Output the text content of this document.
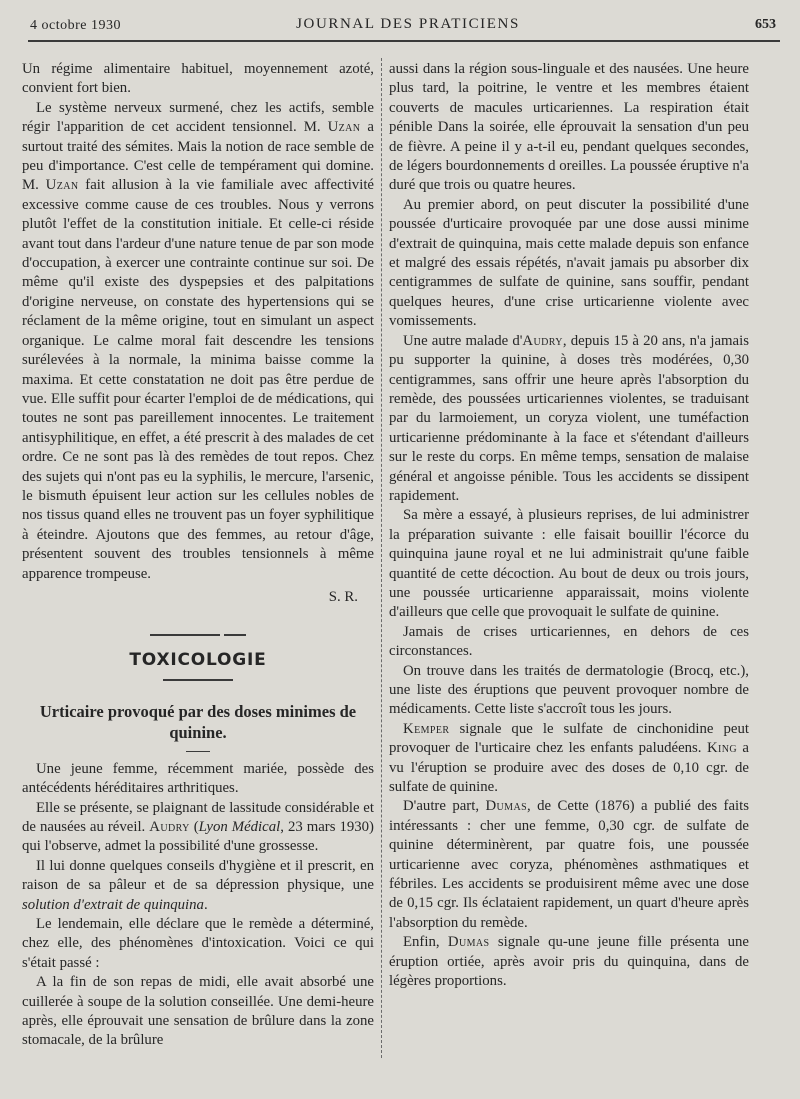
4 octobre 1930	JOURNAL DES PRATICIENS	653

Un régime alimentaire habituel, moyennement azoté, convient fort bien.

Le système nerveux surmené, chez les actifs, semble régir l'apparition de cet accident tensionnel. M. Uzan a surtout traité des sémites. Mais la notion de race semble de peu d'importance. C'est celle de tempérament qui domine. M. Uzan fait allusion à la vie familiale avec affectivité excessive comme cause de ces troubles. Nous y verrons plutôt l'effet de la constitution initiale. Et celle-ci réside avant tout dans l'ardeur d'une nature tenue de par son mode d'occupation, à exercer une contrainte continue sur soi. De même qu'il existe des dyspepsies et des palpitations d'origine nerveuse, on constate des hypertensions qui se réclament de la même origine, tout en simulant un aspect organique. Le calme moral fait descendre les tensions surélevées à la normale, la minima baisse comme la maxima. Et cette constatation ne doit pas être perdue de vue. Elle suffit pour écarter l'emploi de de médications, qui toutes ne sont pas pareillement innocentes. Le traitement antisyphilitique, en effet, a été prescrit à des malades de cet ordre. Ce ne sont pas là des remèdes de tout repos. Chez des sujets qui n'ont pas eu la syphilis, le mercure, l'arsenic, le bismuth épuisent leur action sur les cellules nobles de nos tissus quand elles ne trouvent pas un foyer syphilitique à éteindre. Ajoutons que des femmes, au retour d'âge, présentent souvent des troubles tensionnels à même apparence trompeuse.

S. R.
TOXICOLOGIE
Urticaire provoqué par des doses minimes de quinine.

Une jeune femme, récemment mariée, possède des antécédents héréditaires arthritiques.

Elle se présente, se plaignant de lassitude considérable et de nausées au réveil. Audry (Lyon Médical, 23 mars 1930) qui l'observe, admet la possibilité d'une grossesse.

Il lui donne quelques conseils d'hygiène et il prescrit, en raison de sa pâleur et de sa dépression physique, une solution d'extrait de quinquina.

Le lendemain, elle déclare que le remède a déterminé, chez elle, des phénomènes d'intoxication. Voici ce qui s'était passé :

A la fin de son repas de midi, elle avait absorbé une cuillerée à soupe de la solution conseillée. Une demi-heure après, elle éprouvait une sensation de brûlure dans la zone stomacale, de la brûlure

aussi dans la région sous-linguale et des nausées. Une heure plus tard, la poitrine, le ventre et les membres étaient couverts de macules urticariennes. La respiration était pénible Dans la soirée, elle éprouvait la sensation d'un peu de fièvre. A peine il y a-t-il eu, pendant quelques secondes, de légers bourdonnements d oreilles. La poussée éruptive n'a duré que trois ou quatre heures.

Au premier abord, on peut discuter la possibilité d'une poussée d'urticaire provoquée par une dose aussi minime d'extrait de quinquina, mais cette malade depuis son enfance et malgré des essais répétés, n'avait jamais pu absorber dix centigrammes de sulfate de quinine, sans souffir, pendant quelques heures, d'une crise urticarienne violente avec vomissements.

Une autre malade d'Audry, depuis 15 à 20 ans, n'a jamais pu supporter la quinine, à doses très modérées, 0,30 centigrammes, sans offrir une heure après l'absorption du remède, des poussées urticariennes violentes, se traduisant par du larmoiement, un coryza violent, une tuméfaction urticarienne prédominante à la face et s'étendant d'ailleurs sur le reste du corps. En même temps, sensation de malaise général et angoisse pénible. Tous les accidents se dissipent rapidement.

Sa mère a essayé, à plusieurs reprises, de lui administrer la préparation suivante : elle faisait bouillir l'écorce du quinquina jaune royal et ne lui administrait qu'une faible quantité de cette décoction. Au bout de deux ou trois jours, une poussée urticarienne apparaissait, moins violente d'ailleurs que celle que provoquait le sulfate de quinine.

Jamais de crises urticariennes, en dehors de ces circonstances.

On trouve dans les traités de dermatologie (Brocq, etc.), une liste des éruptions que peuvent provoquer nombre de médicaments. Cette liste s'accroît tous les jours.

Kemper signale que le sulfate de cinchonidine peut provoquer de l'urticaire chez les enfants paludéens. King a vu l'éruption se produire avec des doses de 0,10 cgr. de sulfate de quinine.

D'autre part, Dumas, de Cette (1876) a publié des faits intéressants : cher une femme, 0,30 cgr. de sulfate de quinine déterminèrent, par quatre fois, une poussée urticarienne avec coryza, phénomènes asthmatiques et fébriles. Les accidents se produisirent même avec une dose de 0,15 cgr. Ils éclataient rapidement, un quart d'heure après l'absorption du remède.

Enfin, Dumas signale qu-une jeune fille présenta une éruption ortiée, après avoir pris du quinquina, dans de légères proportions.
